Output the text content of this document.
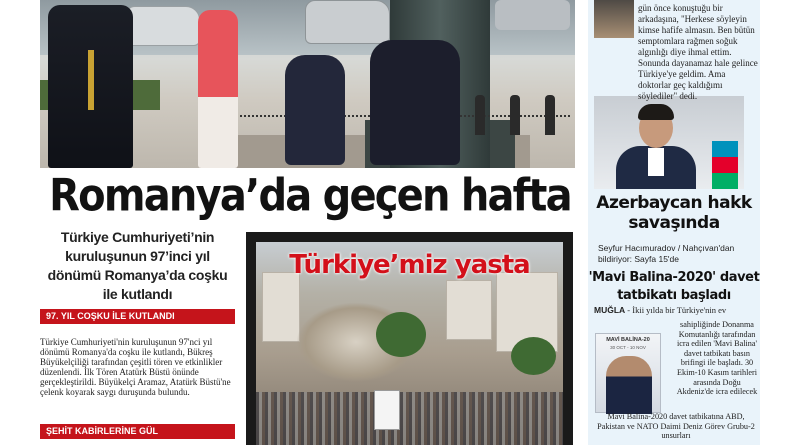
Romanya’da geçen hafta
Türkiye Cumhuriyeti’nin kuruluşunun 97’inci yıl dönümü Romanya’da coşku ile kutlandı
97. YIL COŞKU İLE KUTLANDI
Türkiye Cumhuriyeti'nin kuruluşunun 97'nci yıl dönümü Romanya'da coşku ile kutlandı, Bükreş Büyükelçiliği tarafından çeşitli tören ve etkinlikler düzenlendi. İlk Tören Atatürk Büstü önünde gerçekleştirildi. Büyükelçi Aramaz, Atatürk Büstü'ne çelenk koyarak saygı duruşunda bulundu.
ŞEHİT KABİRLERİNE GÜL
Türkiye’miz yasta
gün önce konuştuğu bir arkadaşına, "Herkese söyleyin kimse hafife almasın. Ben bütün semptomlara rağmen soğuk algınlığı diye ihmal ettim. Sonunda dayanamaz hale gelince Türkiye'ye geldim. Ama doktorlar geç kaldığımı söylediler" dedi.
Azerbaycan hakk savaşında
Seyfur Hacımuradov / Nahçıvan'dan bildiriyor: Sayfa 15'de
'Mavi Balina-2020' davet tatbikatı başladı
MUĞLA - İkii yılda bir Türkiye'nin ev
MAVİ BALİNA-20
30 OCT - 10 NOV
sahipliğinde Donanma Komutanlığı tarafından icra edilen 'Mavi Balina' davet tatbikatı basın brifingi ile başladı. 30 Ekim-10 Kasım tarihleri arasında Doğu Akdeniz'de icra edilecek
Mavi Balina-2020 davet tatbikatına ABD, Pakistan ve NATO Daimi Deniz Görev Grubu-2 unsurları
